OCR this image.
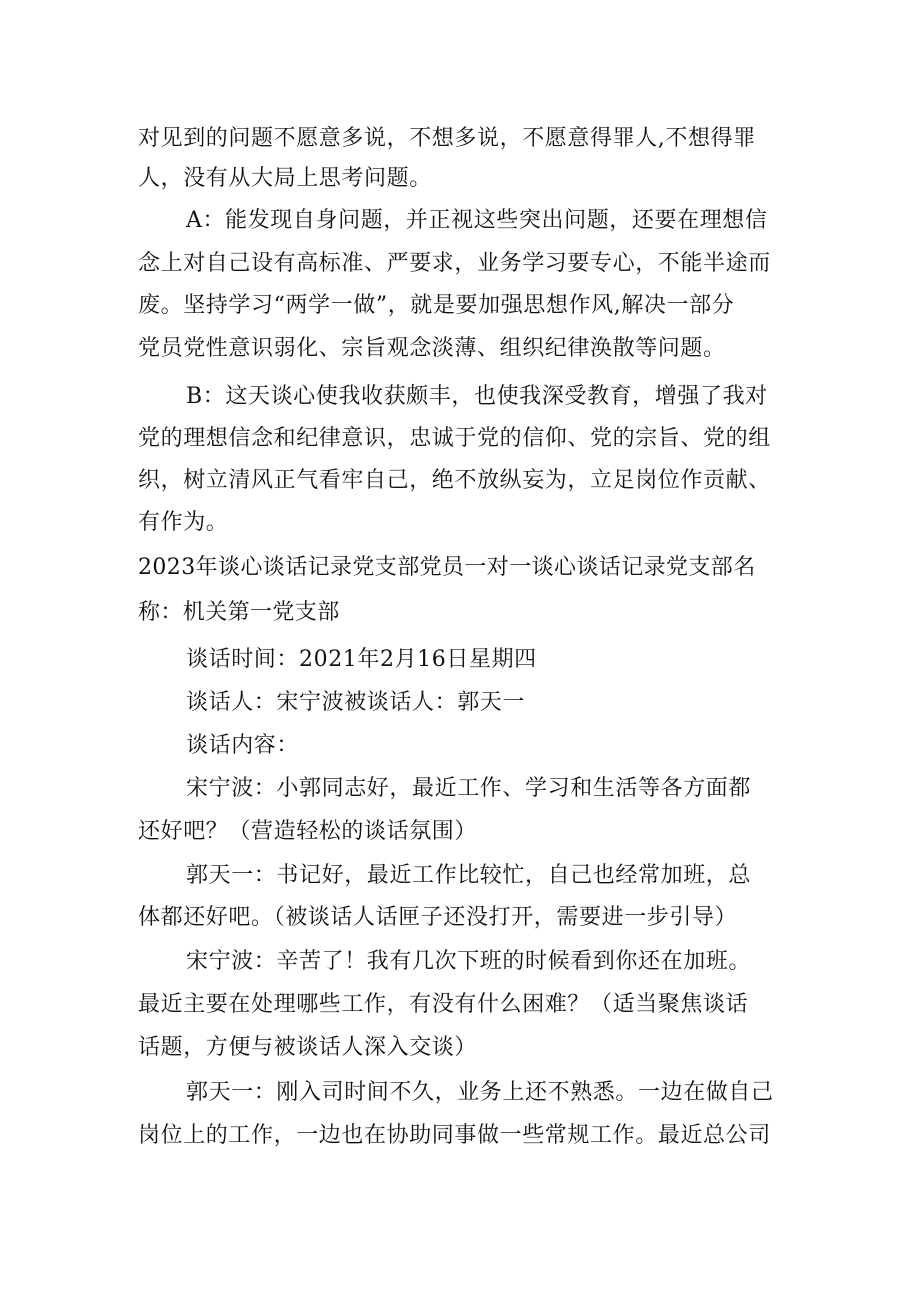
对见到的问题不愿意多说，不想多说，不愿意得罪人,不想得罪
人，没有从大局上思考问题。
A：能发现自身问题，并正视这些突出问题，还要在理想信
念上对自己设有高标准、严要求，业务学习要专心，不能半途而
废。坚持学习“两学一做”，就是要加强思想作风,解决一部分
党员党性意识弱化、宗旨观念淡薄、组织纪律涣散等问题。
B：这天谈心使我收获颇丰，也使我深受教育，增强了我对
党的理想信念和纪律意识，忠诚于党的信仰、党的宗旨、党的组
织，树立清风正气看牢自己，绝不放纵妄为，立足岗位作贡献、
有作为。
2023年谈心谈话记录党支部党员一对一谈心谈话记录党支部名
称：机关第一党支部
谈话时间：2021年2月16日星期四
谈话人：宋宁波被谈话人：郭天一
谈话内容：
宋宁波：小郭同志好，最近工作、学习和生活等各方面都
还好吧？（营造轻松的谈话氛围）
郭天一：书记好，最近工作比较忙，自己也经常加班，总
体都还好吧。（被谈话人话匣子还没打开，需要进一步引导）
宋宁波：辛苦了！我有几次下班的时候看到你还在加班。
最近主要在处理哪些工作，有没有什么困难？（适当聚焦谈话
话题，方便与被谈话人深入交谈）
郭天一：刚入司时间不久，业务上还不熟悉。一边在做自己
岗位上的工作，一边也在协助同事做一些常规工作。最近总公司
